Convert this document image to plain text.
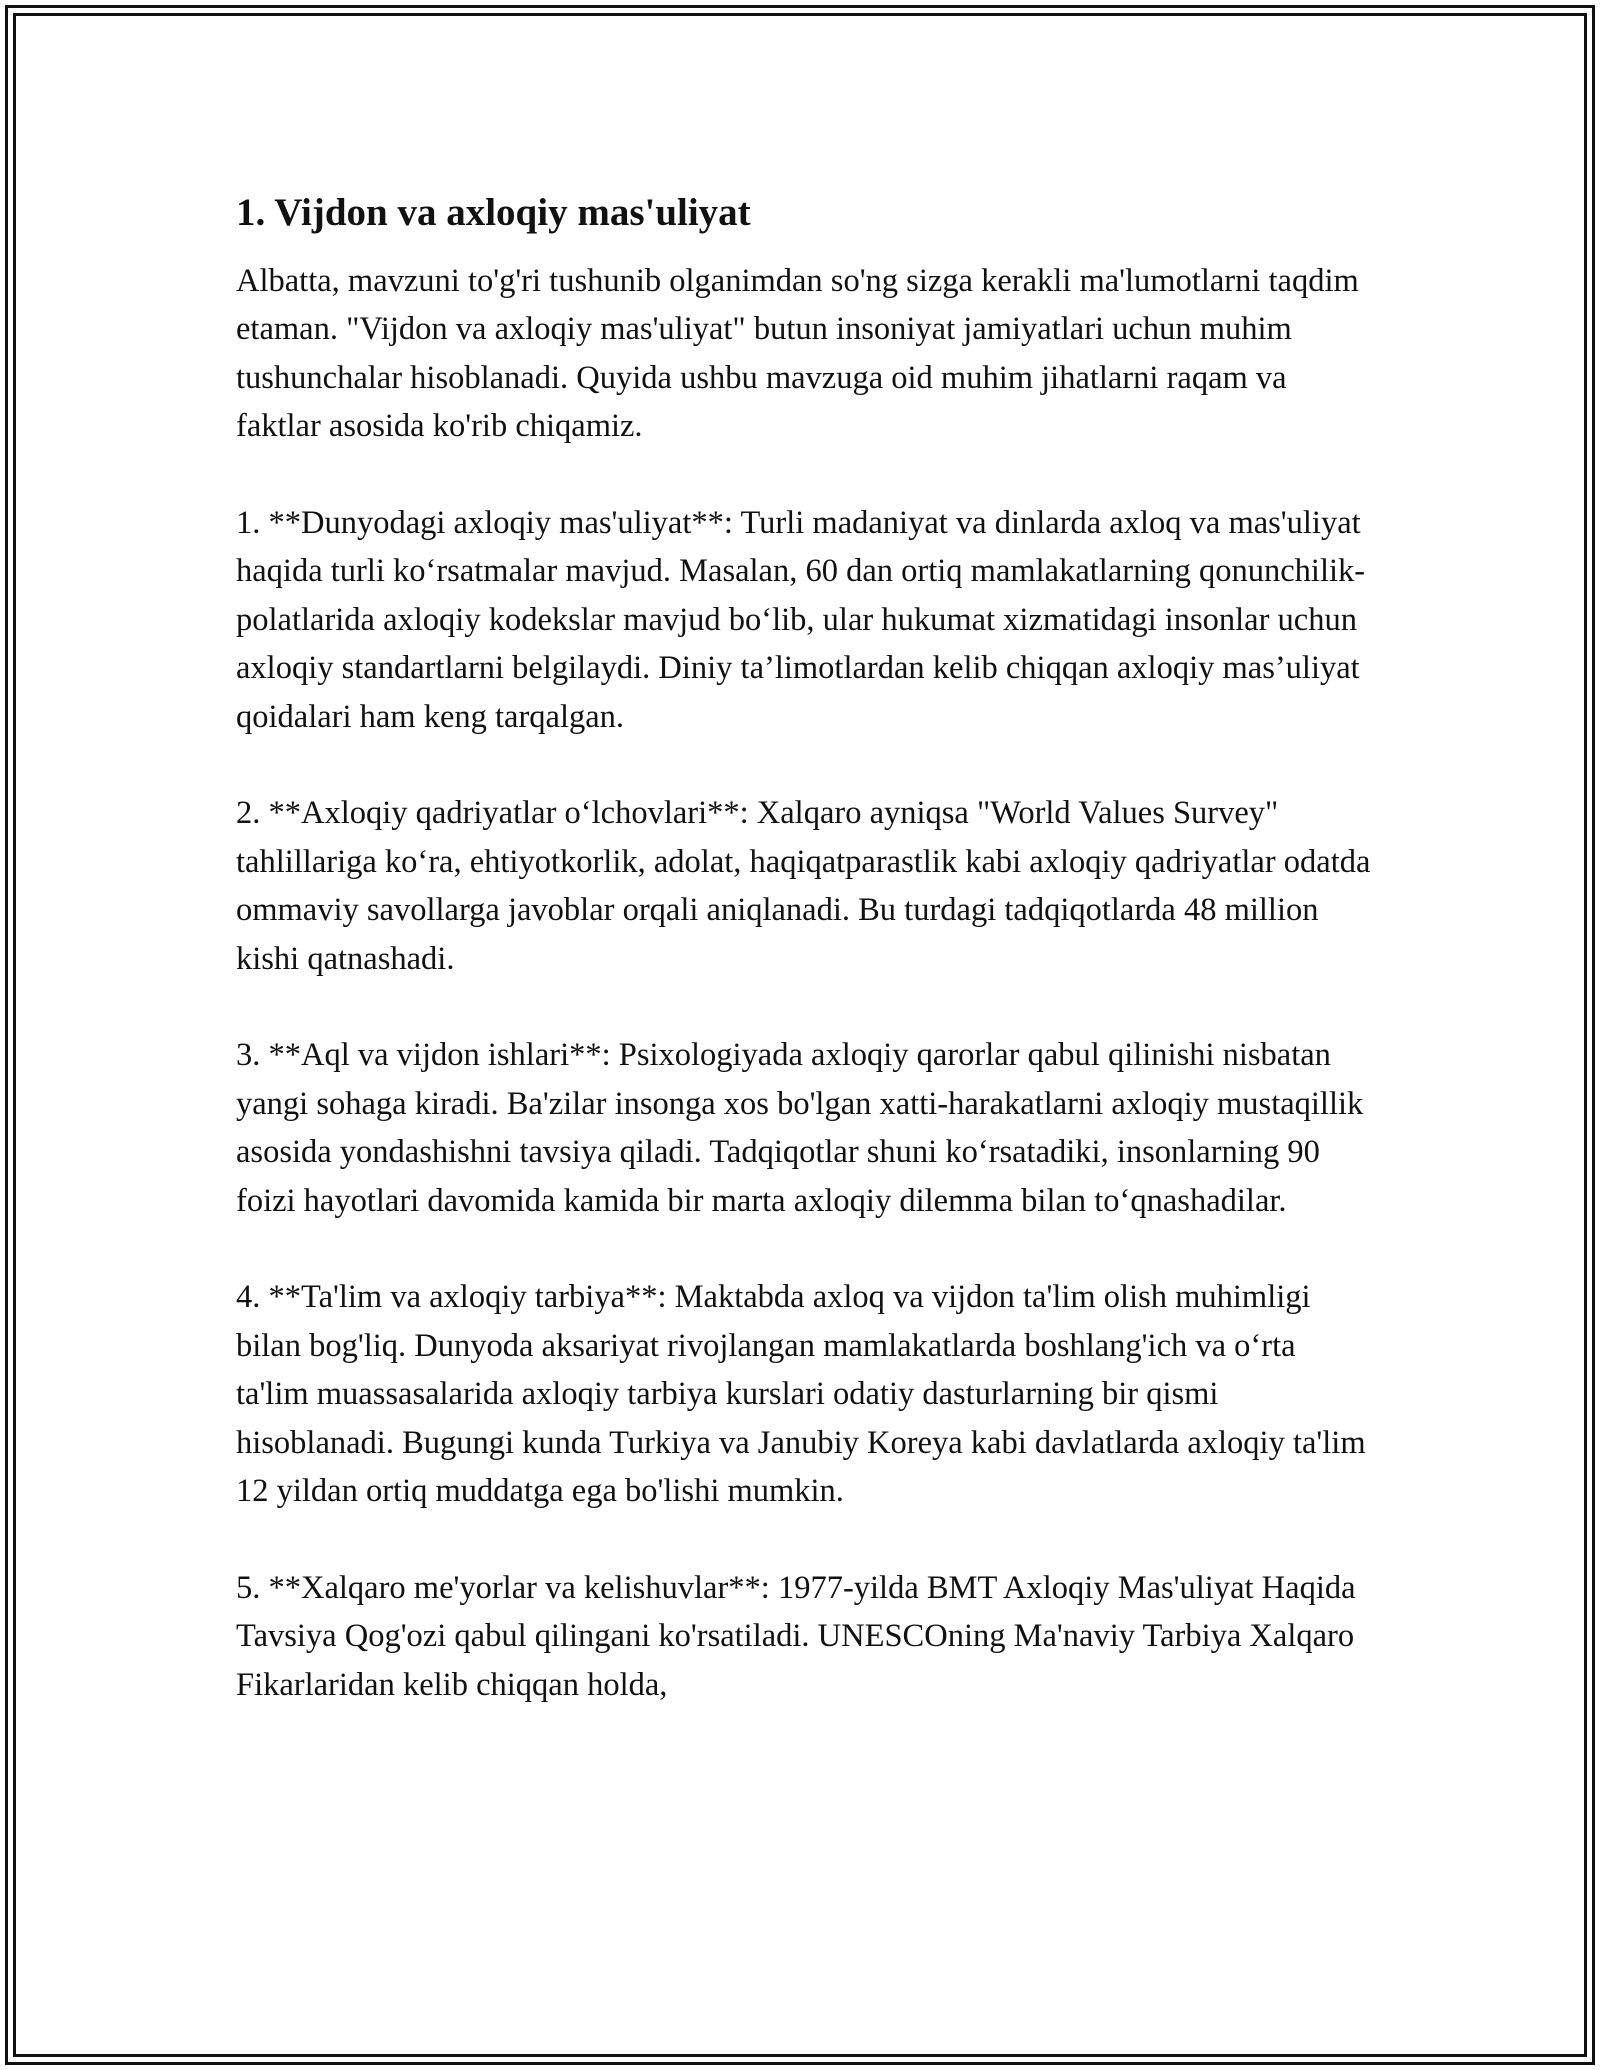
1. Vijdon va axloqiy mas'uliyat

Albatta, mavzuni to'g'ri tushunib olganimdan so'ng sizga kerakli ma'lumotlarni taqdim etaman. "Vijdon va axloqiy mas'uliyat" butun insoniyat jamiyatlari uchun muhim tushunchalar hisoblanadi. Quyida ushbu mavzuga oid muhim jihatlarni raqam va faktlar asosida ko'rib chiqamiz.

1. **Dunyodagi axloqiy mas'uliyat**: Turli madaniyat va dinlarda axloq va mas'uliyat haqida turli ko‘rsatmalar mavjud. Masalan, 60 dan ortiq mamlakatlarning qonunchilik-polatlarida axloqiy kodekslar mavjud bo‘lib, ular hukumat xizmatidagi insonlar uchun axloqiy standartlarni belgilaydi. Diniy ta’limotlardan kelib chiqqan axloqiy mas’uliyat qoidalari ham keng tarqalgan.

2. **Axloqiy qadriyatlar o‘lchovlari**: Xalqaro ayniqsa "World Values Survey" tahlillariga ko‘ra, ehtiyotkorlik, adolat, haqiqatparastlik kabi axloqiy qadriyatlar odatda ommaviy savollarga javoblar orqali aniqlanadi. Bu turdagi tadqiqotlarda 48 million kishi qatnashadi.

3. **Aql va vijdon ishlari**: Psixologiyada axloqiy qarorlar qabul qilinishi nisbatan yangi sohaga kiradi. Ba'zilar insonga xos bo'lgan xatti-harakatlarni axloqiy mustaqillik asosida yondashishni tavsiya qiladi. Tadqiqotlar shuni ko‘rsatadiki, insonlarning 90 foizi hayotlari davomida kamida bir marta axloqiy dilemma bilan to‘qnashadilar.

4. **Ta'lim va axloqiy tarbiya**: Maktabda axloq va vijdon ta'lim olish muhimligi bilan bog'liq. Dunyoda aksariyat rivojlangan mamlakatlarda boshlang'ich va o‘rta ta'lim muassasalarida axloqiy tarbiya kurslari odatiy dasturlarning bir qismi hisoblanadi. Bugungi kunda Turkiya va Janubiy Koreya kabi davlatlarda axloqiy ta'lim 12 yildan ortiq muddatga ega bo'lishi mumkin.

5. **Xalqaro me'yorlar va kelishuvlar**: 1977-yilda BMT Axloqiy Mas'uliyat Haqida Tavsiya Qog'ozi qabul qilingani ko'rsatiladi. UNESCOning Ma'naviy Tarbiya Xalqaro Fikarlaridan kelib chiqqan holda,
